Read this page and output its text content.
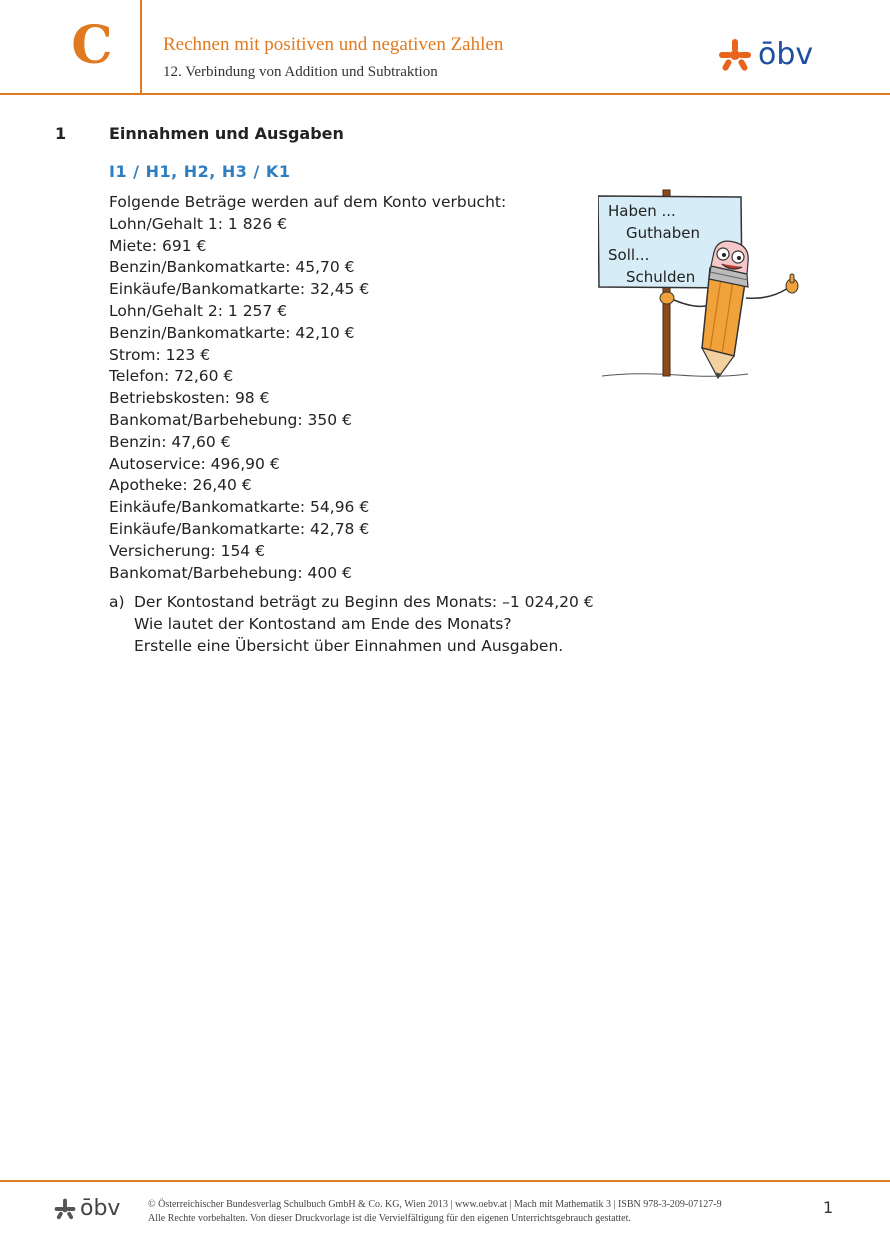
C	Rechnen mit positiven und negativen Zahlen
12. Verbindung von Addition und Subtraktion	ōbv
1	Einnahmen und Ausgaben
I1 / H1, H2, H3 / K1
Folgende Beträge werden auf dem Konto verbucht:
Lohn/Gehalt 1: 1 826 €
Miete: 691 €
Benzin/Bankomatkarte: 45,70 €
Einkäufe/Bankomatkarte: 32,45 €
Lohn/Gehalt 2: 1 257 €
Benzin/Bankomatkarte: 42,10 €
Strom: 123 €
Telefon: 72,60 €
Betriebskosten: 98 €
Bankomat/Barbehebung: 350 €
Benzin: 47,60 €
Autoservice: 496,90 €
Apotheke: 26,40 €
Einkäufe/Bankomatkarte: 54,96 €
Einkäufe/Bankomatkarte: 42,78 €
Versicherung: 154 €
Bankomat/Barbehebung: 400 €
a) Der Kontostand beträgt zu Beginn des Monats: –1 024,20 €
Wie lautet der Kontostand am Ende des Monats?
Erstelle eine Übersicht über Einnahmen und Ausgaben.
Haben ...
Guthaben
Soll...
Schulden
ōbv	© Österreichischer Bundesverlag Schulbuch GmbH & Co. KG, Wien 2013 | www.oebv.at | Mach mit Mathematik 3 | ISBN 978-3-209-07127-9
Alle Rechte vorbehalten. Von dieser Druckvorlage ist die Vervielfältigung für den eigenen Unterrichtsgebrauch gestattet.
1
